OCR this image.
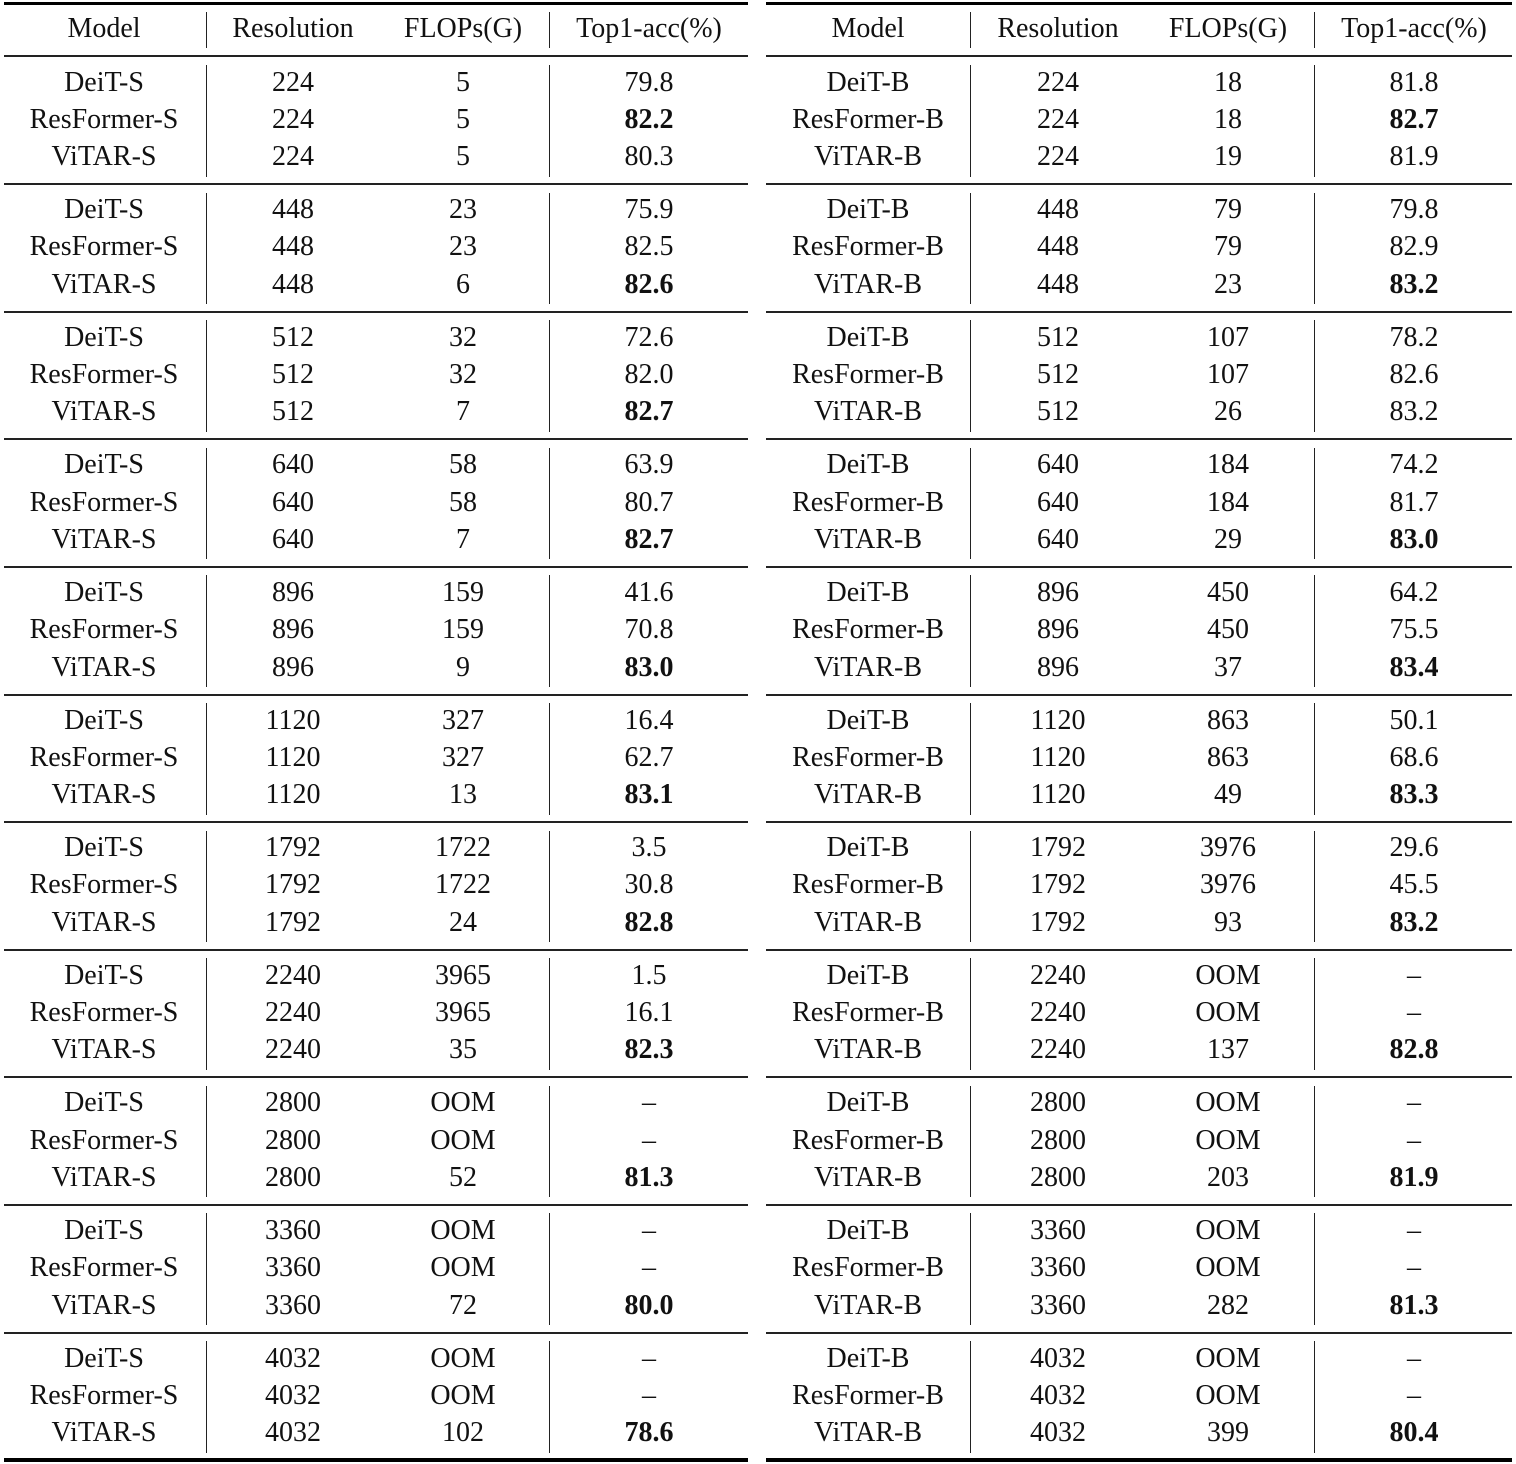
Model	Resolution	FLOPs(G)	Top1-acc(%)
DeiT-S	224	5	79.8
ResFormer-S	224	5	82.2
ViTAR-S	224	5	80.3
DeiT-S	448	23	75.9
ResFormer-S	448	23	82.5
ViTAR-S	448	6	82.6
DeiT-S	512	32	72.6
ResFormer-S	512	32	82.0
ViTAR-S	512	7	82.7
DeiT-S	640	58	63.9
ResFormer-S	640	58	80.7
ViTAR-S	640	7	82.7
DeiT-S	896	159	41.6
ResFormer-S	896	159	70.8
ViTAR-S	896	9	83.0
DeiT-S	1120	327	16.4
ResFormer-S	1120	327	62.7
ViTAR-S	1120	13	83.1
DeiT-S	1792	1722	3.5
ResFormer-S	1792	1722	30.8
ViTAR-S	1792	24	82.8
DeiT-S	2240	3965	1.5
ResFormer-S	2240	3965	16.1
ViTAR-S	2240	35	82.3
DeiT-S	2800	OOM	–
ResFormer-S	2800	OOM	–
ViTAR-S	2800	52	81.3
DeiT-S	3360	OOM	–
ResFormer-S	3360	OOM	–
ViTAR-S	3360	72	80.0
DeiT-S	4032	OOM	–
ResFormer-S	4032	OOM	–
ViTAR-S	4032	102	78.6
Model	Resolution	FLOPs(G)	Top1-acc(%)
DeiT-B	224	18	81.8
ResFormer-B	224	18	82.7
ViTAR-B	224	19	81.9
DeiT-B	448	79	79.8
ResFormer-B	448	79	82.9
ViTAR-B	448	23	83.2
DeiT-B	512	107	78.2
ResFormer-B	512	107	82.6
ViTAR-B	512	26	83.2
DeiT-B	640	184	74.2
ResFormer-B	640	184	81.7
ViTAR-B	640	29	83.0
DeiT-B	896	450	64.2
ResFormer-B	896	450	75.5
ViTAR-B	896	37	83.4
DeiT-B	1120	863	50.1
ResFormer-B	1120	863	68.6
ViTAR-B	1120	49	83.3
DeiT-B	1792	3976	29.6
ResFormer-B	1792	3976	45.5
ViTAR-B	1792	93	83.2
DeiT-B	2240	OOM	–
ResFormer-B	2240	OOM	–
ViTAR-B	2240	137	82.8
DeiT-B	2800	OOM	–
ResFormer-B	2800	OOM	–
ViTAR-B	2800	203	81.9
DeiT-B	3360	OOM	–
ResFormer-B	3360	OOM	–
ViTAR-B	3360	282	81.3
DeiT-B	4032	OOM	–
ResFormer-B	4032	OOM	–
ViTAR-B	4032	399	80.4
